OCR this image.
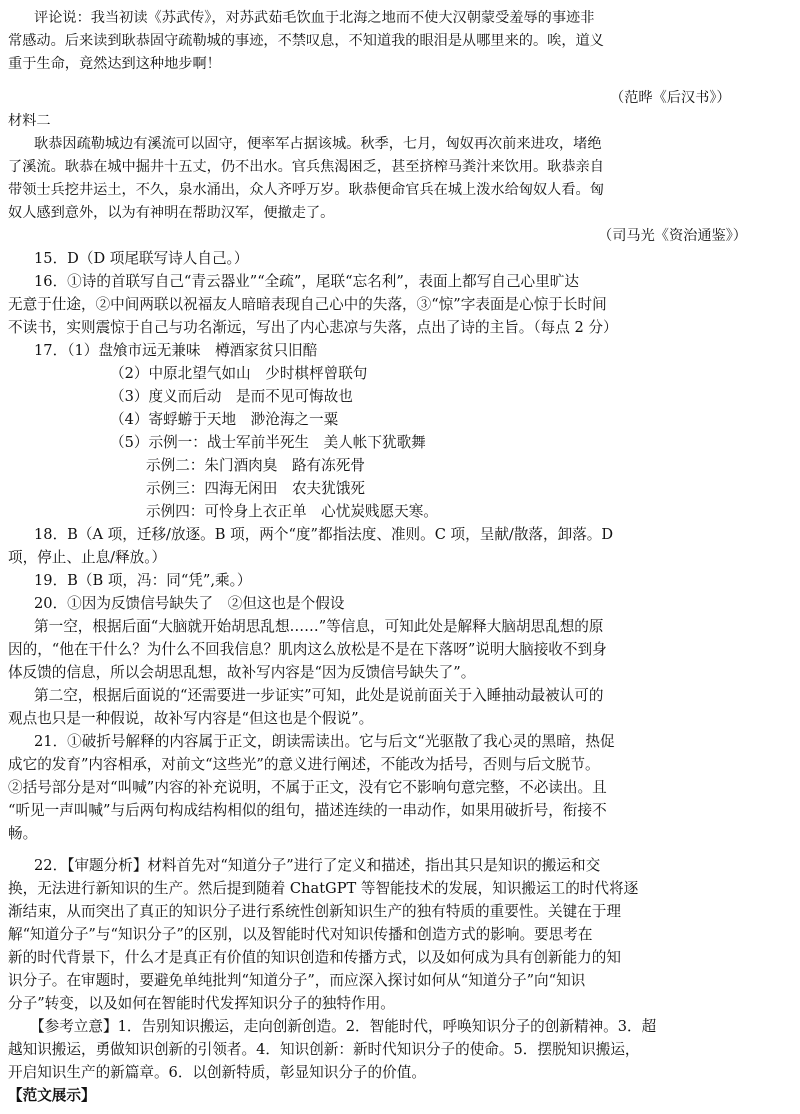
评论说：我当初读《苏武传》，对苏武茹毛饮血于北海之地而不使大汉朝蒙受羞辱的事迹非

常感动。后来读到耿恭固守疏勒城的事迹，不禁叹息，不知道我的眼泪是从哪里来的。唉，道义

重于生命，竟然达到这种地步啊！

（范晔《后汉书》）

材料二

耿恭因疏勒城边有溪流可以固守，便率军占据该城。秋季，七月，匈奴再次前来进攻，堵绝

了溪流。耿恭在城中掘井十五丈，仍不出水。官兵焦渴困乏，甚至挤榨马粪汁来饮用。耿恭亲自

带领士兵挖井运土，不久，泉水涌出，众人齐呼万岁。耿恭便命官兵在城上泼水给匈奴人看。匈

奴人感到意外，以为有神明在帮助汉军，便撤走了。

（司马光《资治通鉴》）

15．D（D 项尾联写诗人自己。）

16．①诗的首联写自己“青云器业”“全疏”，尾联“忘名利”，表面上都写自己心里旷达

无意于仕途，②中间两联以祝福友人暗暗表现自己心中的失落，③“惊”字表面是心惊于长时间

不读书，实则震惊于自己与功名渐远，写出了内心悲凉与失落，点出了诗的主旨。（每点 2 分）

17．（1）盘飧市远无兼味　樽酒家贫只旧醅

（2）中原北望气如山　少时棋枰曾联句

（3）度义而后动　是而不见可悔故也

（4）寄蜉蝣于天地　渺沧海之一粟

（5）示例一：战士军前半死生　美人帐下犹歌舞

示例二：朱门酒肉臭　路有冻死骨

示例三：四海无闲田　农夫犹饿死

示例四：可怜身上衣正单　心忧炭贱愿天寒。

18．B（A 项，迁移/放逐。B 项，两个“度”都指法度、准则。C 项，呈献/散落，卸落。D

项，停止、止息/释放。）

19．B（B 项，冯：同“凭”,乘。）

20．①因为反馈信号缺失了　②但这也是个假设

第一空，根据后面“大脑就开始胡思乱想……”等信息，可知此处是解释大脑胡思乱想的原

因的，“他在干什么？为什么不回我信息？肌肉这么放松是不是在下落呀”说明大脑接收不到身

体反馈的信息，所以会胡思乱想，故补写内容是“因为反馈信号缺失了”。

第二空，根据后面说的“还需要进一步证实”可知，此处是说前面关于入睡抽动最被认可的

观点也只是一种假说，故补写内容是“但这也是个假说”。

21．①破折号解释的内容属于正文，朗读需读出。它与后文“光驱散了我心灵的黑暗，热促

成它的发育”内容相承，对前文“这些光”的意义进行阐述，不能改为括号，否则与后文脱节。

②括号部分是对“叫喊”内容的补充说明，不属于正文，没有它不影响句意完整，不必读出。且

“听见一声叫喊”与后两句构成结构相似的组句，描述连续的一串动作，如果用破折号，衔接不

畅。

22．【审题分析】材料首先对“知道分子”进行了定义和描述，指出其只是知识的搬运和交

换，无法进行新知识的生产。然后提到随着 ChatGPT 等智能技术的发展，知识搬运工的时代将逐

渐结束，从而突出了真正的知识分子进行系统性创新知识生产的独有特质的重要性。关键在于理

解“知道分子”与“知识分子”的区别，以及智能时代对知识传播和创造方式的影响。要思考在

新的时代背景下，什么才是真正有价值的知识创造和传播方式，以及如何成为具有创新能力的知

识分子。在审题时，要避免单纯批判“知道分子”，而应深入探讨如何从“知道分子”向“知识

分子”转变，以及如何在智能时代发挥知识分子的独特作用。

【参考立意】1．告别知识搬运，走向创新创造。2．智能时代，呼唤知识分子的创新精神。3．超

越知识搬运，勇做知识创新的引领者。4．知识创新：新时代知识分子的使命。5．摆脱知识搬运，

开启知识生产的新篇章。6．以创新特质，彰显知识分子的价值。

【范文展示】
